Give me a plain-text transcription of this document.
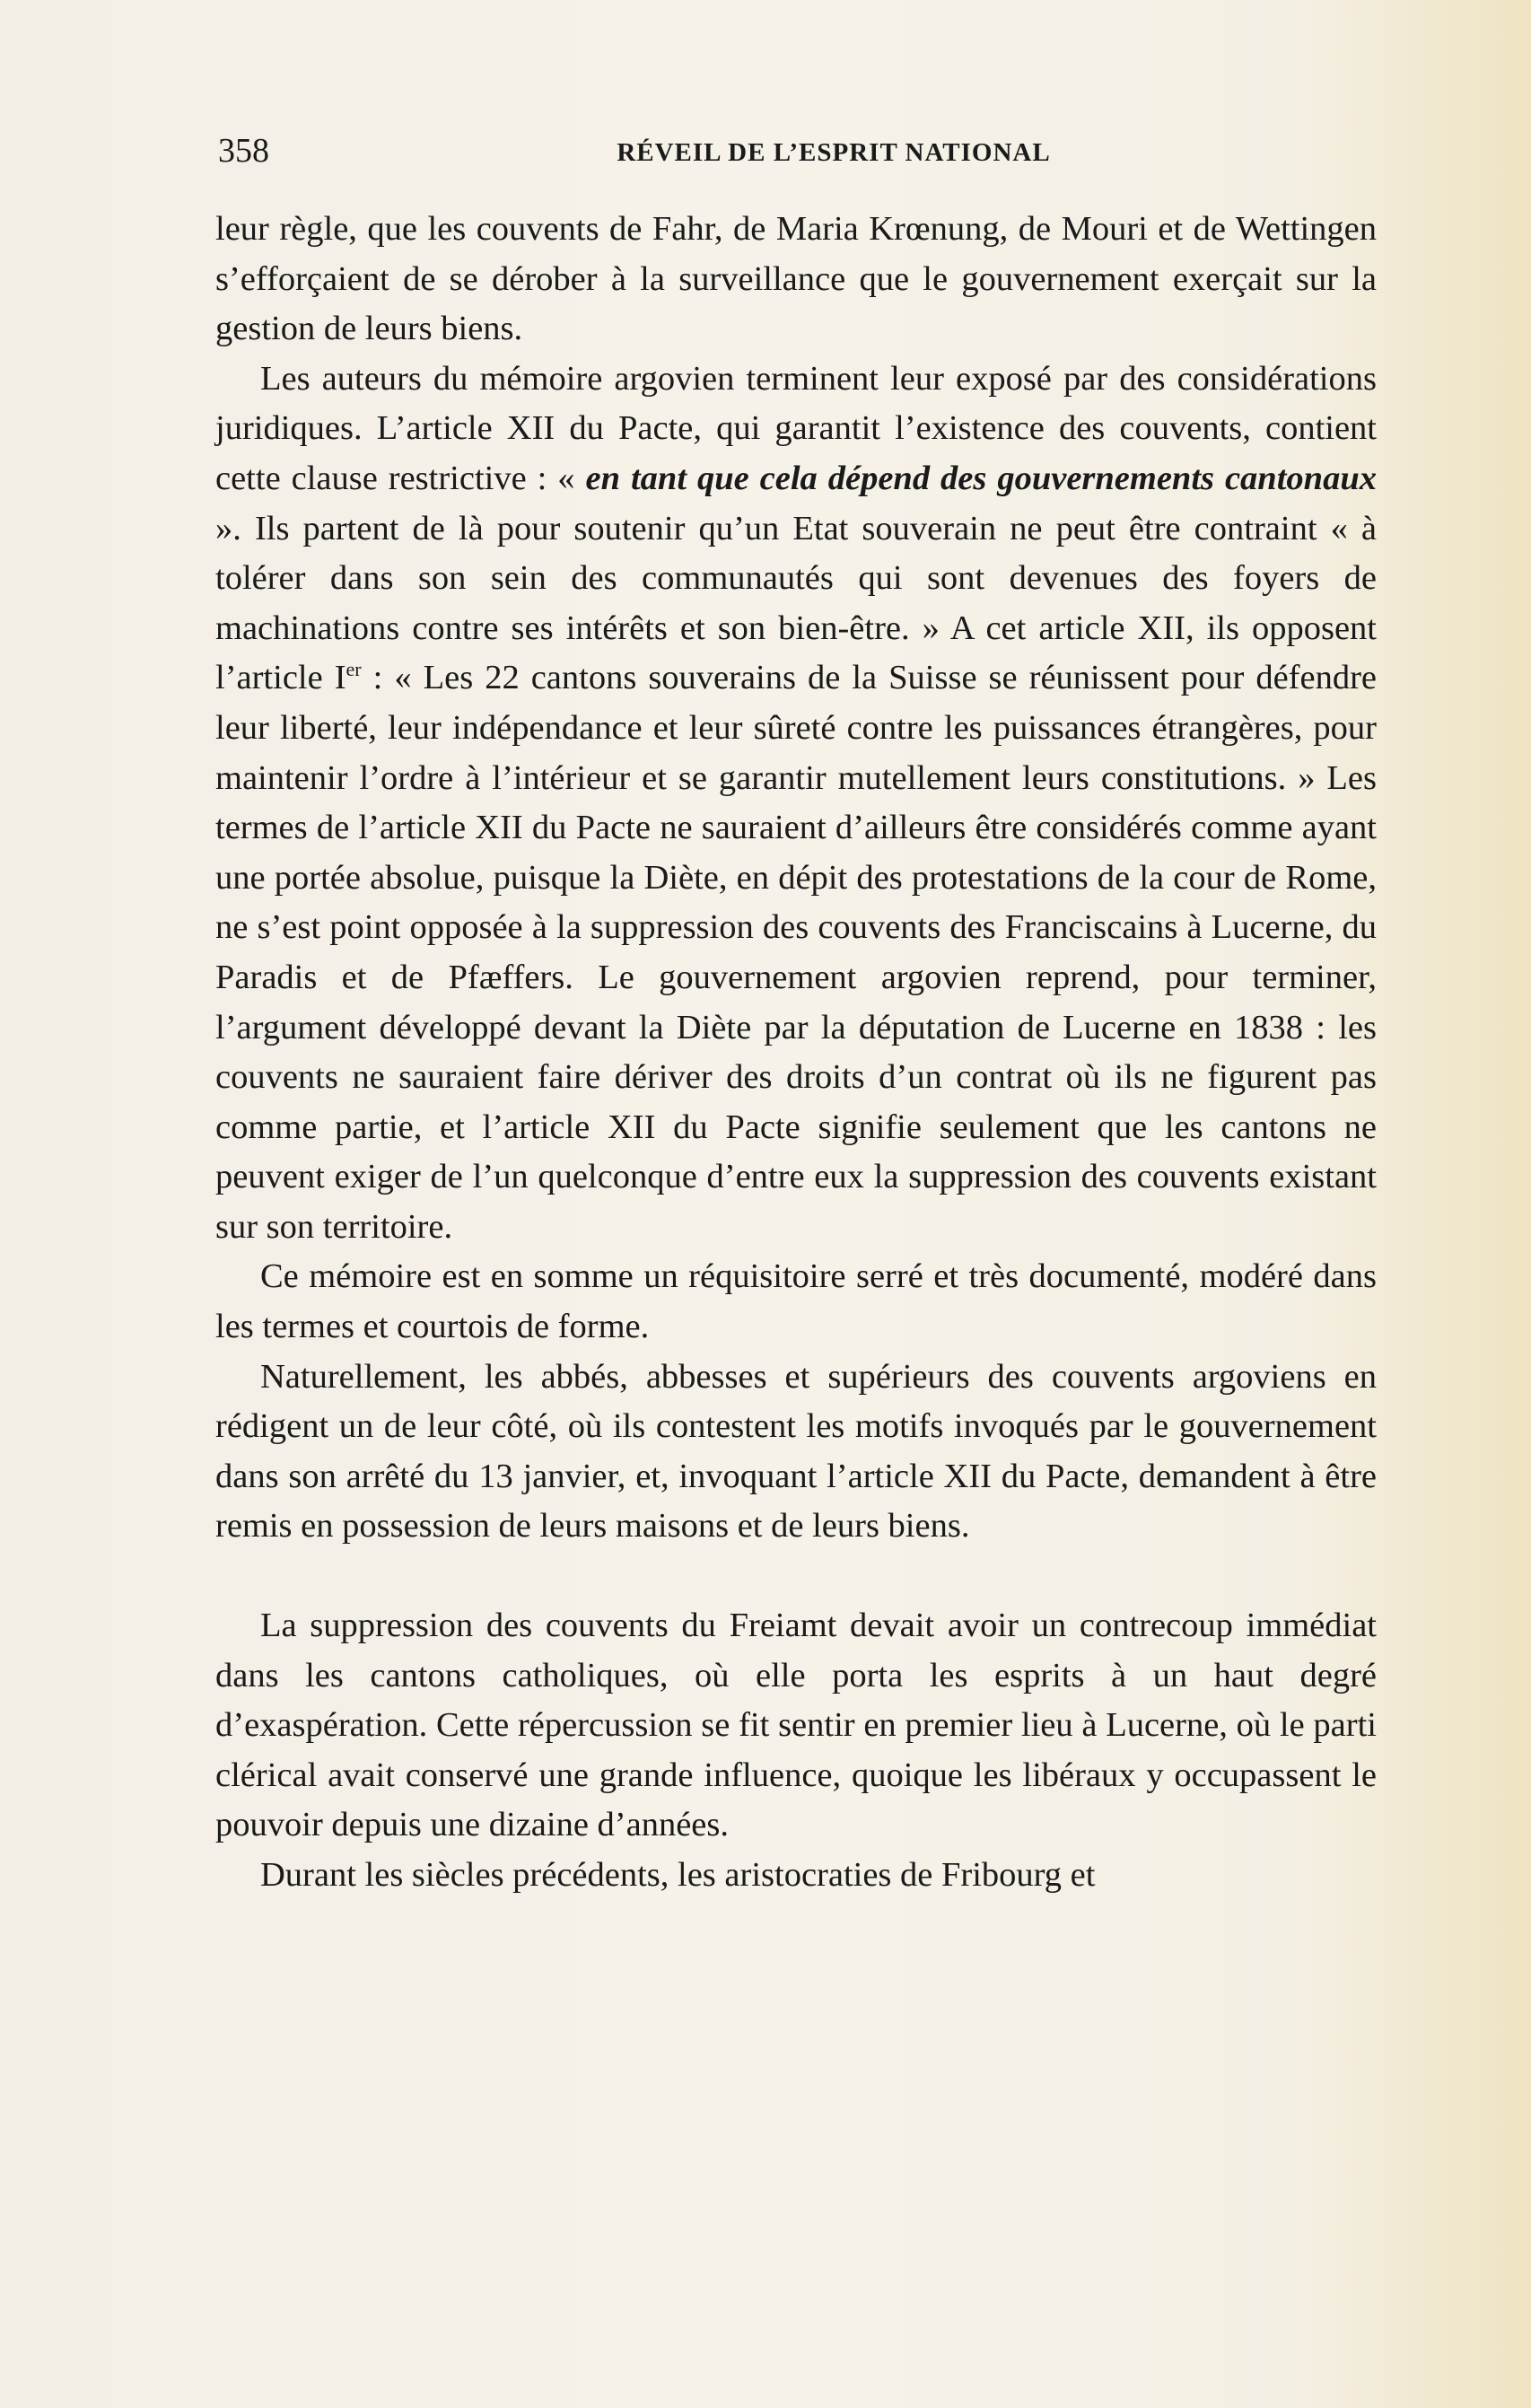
358	RÉVEIL DE L’ESPRIT NATIONAL

leur règle, que les couvents de Fahr, de Maria Krœnung, de Mouri et de Wettingen s’efforçaient de se dérober à la surveillance que le gouvernement exerçait sur la gestion de leurs biens.

Les auteurs du mémoire argovien terminent leur exposé par des considérations juridiques. L’article XII du Pacte, qui garantit l’existence des couvents, contient cette clause restrictive : « en tant que cela dépend des gouvernements cantonaux ». Ils partent de là pour soutenir qu’un Etat souverain ne peut être contraint « à tolérer dans son sein des communautés qui sont devenues des foyers de machinations contre ses intérêts et son bien-être. » A cet article XII, ils opposent l’article Ier : « Les 22 cantons souverains de la Suisse se réunissent pour défendre leur liberté, leur indépendance et leur sûreté contre les puissances étrangères, pour maintenir l’ordre à l’intérieur et se garantir mutellement leurs constitutions. » Les termes de l’article XII du Pacte ne sauraient d’ailleurs être considérés comme ayant une portée absolue, puisque la Diète, en dépit des protestations de la cour de Rome, ne s’est point opposée à la suppression des couvents des Franciscains à Lucerne, du Paradis et de Pfæffers. Le gouvernement argovien reprend, pour terminer, l’argument développé devant la Diète par la députation de Lucerne en 1838 : les couvents ne sauraient faire dériver des droits d’un contrat où ils ne figurent pas comme partie, et l’article XII du Pacte signifie seulement que les cantons ne peuvent exiger de l’un quelconque d’entre eux la suppression des couvents existant sur son territoire.

Ce mémoire est en somme un réquisitoire serré et très documenté, modéré dans les termes et courtois de forme.

Naturellement, les abbés, abbesses et supérieurs des couvents argoviens en rédigent un de leur côté, où ils contestent les motifs invoqués par le gouvernement dans son arrêté du 13 janvier, et, invoquant l’article XII du Pacte, demandent à être remis en possession de leurs maisons et de leurs biens.

La suppression des couvents du Freiamt devait avoir un contrecoup immédiat dans les cantons catholiques, où elle porta les esprits à un haut degré d’exaspération. Cette répercussion se fit sentir en premier lieu à Lucerne, où le parti clérical avait conservé une grande influence, quoique les libéraux y occupassent le pouvoir depuis une dizaine d’années.

Durant les siècles précédents, les aristocraties de Fribourg et
